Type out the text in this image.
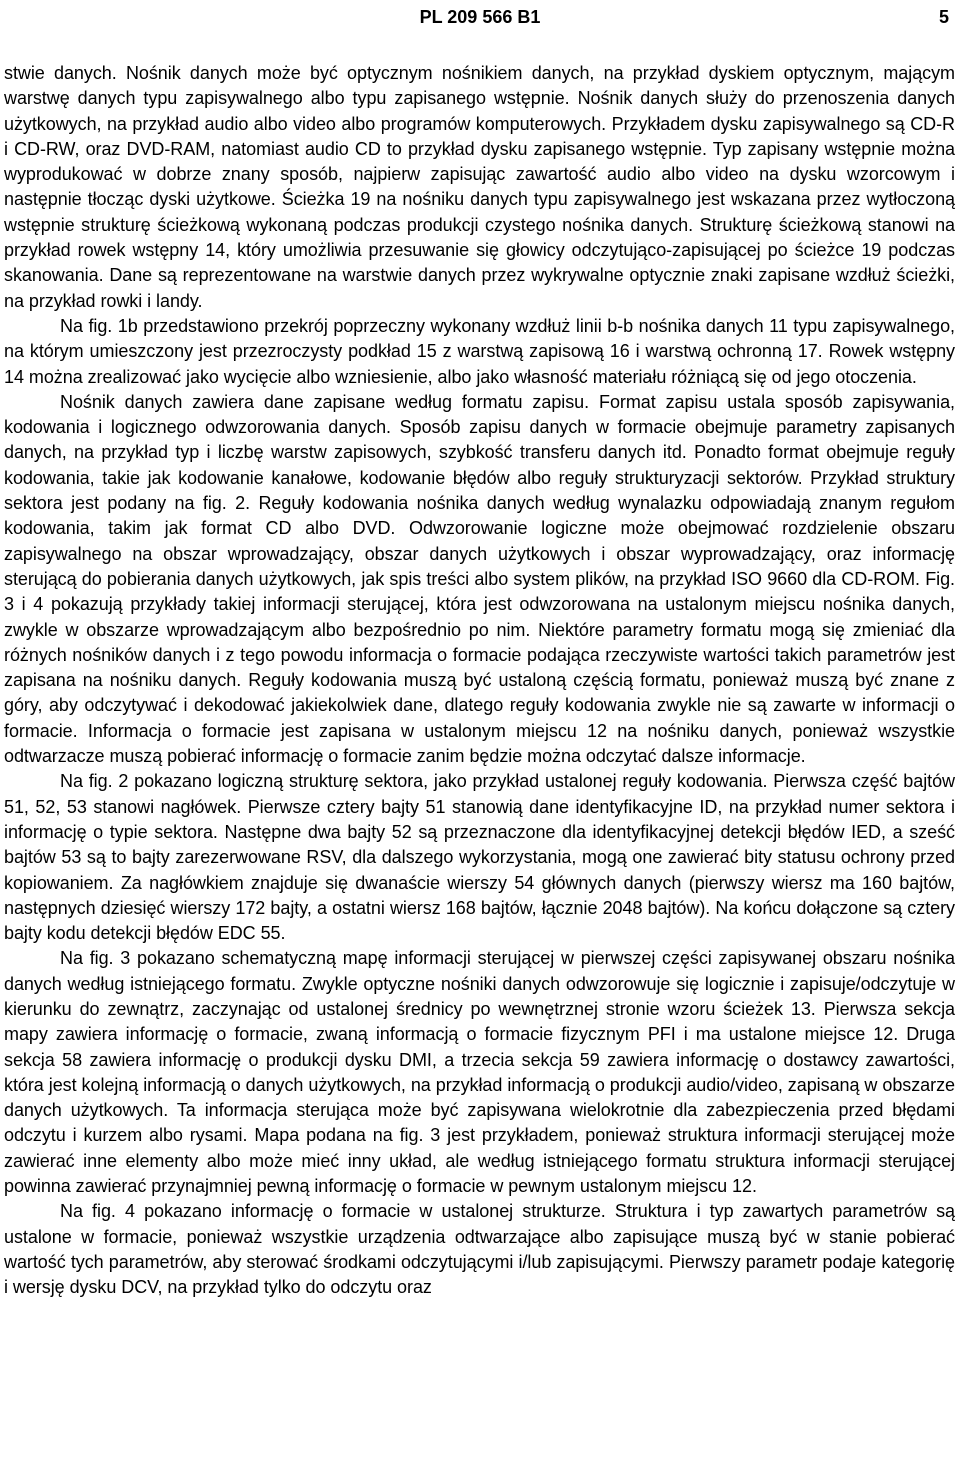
PL 209 566 B1	5

stwie danych. Nośnik danych może być optycznym nośnikiem danych, na przykład dyskiem optycznym, mającym warstwę danych typu zapisywalnego albo typu zapisanego wstępnie. Nośnik danych służy do przenoszenia danych użytkowych, na przykład audio albo video albo programów komputerowych. Przykładem dysku zapisywalnego są CD-R i CD-RW, oraz DVD-RAM, natomiast audio CD to przykład dysku zapisanego wstępnie. Typ zapisany wstępnie można wyprodukować w dobrze znany sposób, najpierw zapisując zawartość audio albo video na dysku wzorcowym i następnie tłocząc dyski użytkowe. Ścieżka 19 na nośniku danych typu zapisywalnego jest wskazana przez wytłoczoną wstępnie strukturę ścieżkową wykonaną podczas produkcji czystego nośnika danych. Strukturę ścieżkową stanowi na przykład rowek wstępny 14, który umożliwia przesuwanie się głowicy odczytująco-zapisującej po ścieżce 19 podczas skanowania. Dane są reprezentowane na warstwie danych przez wykrywalne optycznie znaki zapisane wzdłuż ścieżki, na przykład rowki i landy.

Na fig. 1b przedstawiono przekrój poprzeczny wykonany wzdłuż linii b-b nośnika danych 11 typu zapisywalnego, na którym umieszczony jest przezroczysty podkład 15 z warstwą zapisową 16 i warstwą ochronną 17. Rowek wstępny 14 można zrealizować jako wycięcie albo wzniesienie, albo jako własność materiału różniącą się od jego otoczenia.

Nośnik danych zawiera dane zapisane według formatu zapisu. Format zapisu ustala sposób zapisywania, kodowania i logicznego odwzorowania danych. Sposób zapisu danych w formacie obejmuje parametry zapisanych danych, na przykład typ i liczbę warstw zapisowych, szybkość transferu danych itd. Ponadto format obejmuje reguły kodowania, takie jak kodowanie kanałowe, kodowanie błędów albo reguły strukturyzacji sektorów. Przykład struktury sektora jest podany na fig. 2. Reguły kodowania nośnika danych według wynalazku odpowiadają znanym regułom kodowania, takim jak format CD albo DVD. Odwzorowanie logiczne może obejmować rozdzielenie obszaru zapisywalnego na obszar wprowadzający, obszar danych użytkowych i obszar wyprowadzający, oraz informację sterującą do pobierania danych użytkowych, jak spis treści albo system plików, na przykład ISO 9660 dla CD-ROM. Fig. 3 i 4 pokazują przykłady takiej informacji sterującej, która jest odwzorowana na ustalonym miejscu nośnika danych, zwykle w obszarze wprowadzającym albo bezpośrednio po nim. Niektóre parametry formatu mogą się zmieniać dla różnych nośników danych i z tego powodu informacja o formacie podająca rzeczywiste wartości takich parametrów jest zapisana na nośniku danych. Reguły kodowania muszą być ustaloną częścią formatu, ponieważ muszą być znane z góry, aby odczytywać i dekodować jakiekolwiek dane, dlatego reguły kodowania zwykle nie są zawarte w informacji o formacie. Informacja o formacie jest zapisana w ustalonym miejscu 12 na nośniku danych, ponieważ wszystkie odtwarzacze muszą pobierać informację o formacie zanim będzie można odczytać dalsze informacje.

Na fig. 2 pokazano logiczną strukturę sektora, jako przykład ustalonej reguły kodowania. Pierwsza część bajtów 51, 52, 53 stanowi nagłówek. Pierwsze cztery bajty 51 stanowią dane identyfikacyjne ID, na przykład numer sektora i informację o typie sektora. Następne dwa bajty 52 są przeznaczone dla identyfikacyjnej detekcji błędów IED, a sześć bajtów 53 są to bajty zarezerwowane RSV, dla dalszego wykorzystania, mogą one zawierać bity statusu ochrony przed kopiowaniem. Za nagłówkiem znajduje się dwanaście wierszy 54 głównych danych (pierwszy wiersz ma 160 bajtów, następnych dziesięć wierszy 172 bajty, a ostatni wiersz 168 bajtów, łącznie 2048 bajtów). Na końcu dołączone są cztery bajty kodu detekcji błędów EDC 55.

Na fig. 3 pokazano schematyczną mapę informacji sterującej w pierwszej części zapisywanej obszaru nośnika danych według istniejącego formatu. Zwykle optyczne nośniki danych odwzorowuje się logicznie i zapisuje/odczytuje w kierunku do zewnątrz, zaczynając od ustalonej średnicy po wewnętrznej stronie wzoru ścieżek 13. Pierwsza sekcja mapy zawiera informację o formacie, zwaną informacją o formacie fizycznym PFI i ma ustalone miejsce 12. Druga sekcja 58 zawiera informację o produkcji dysku DMI, a trzecia sekcja 59 zawiera informację o dostawcy zawartości, która jest kolejną informacją o danych użytkowych, na przykład informacją o produkcji audio/video, zapisaną w obszarze danych użytkowych. Ta informacja sterująca może być zapisywana wielokrotnie dla zabezpieczenia przed błędami odczytu i kurzem albo rysami. Mapa podana na fig. 3 jest przykładem, ponieważ struktura informacji sterującej może zawierać inne elementy albo może mieć inny układ, ale według istniejącego formatu struktura informacji sterującej powinna zawierać przynajmniej pewną informację o formacie w pewnym ustalonym miejscu 12.

Na fig. 4 pokazano informację o formacie w ustalonej strukturze. Struktura i typ zawartych parametrów są ustalone w formacie, ponieważ wszystkie urządzenia odtwarzające albo zapisujące muszą być w stanie pobierać wartość tych parametrów, aby sterować środkami odczytującymi i/lub zapisującymi. Pierwszy parametr podaje kategorię i wersję dysku DCV, na przykład tylko do odczytu oraz
